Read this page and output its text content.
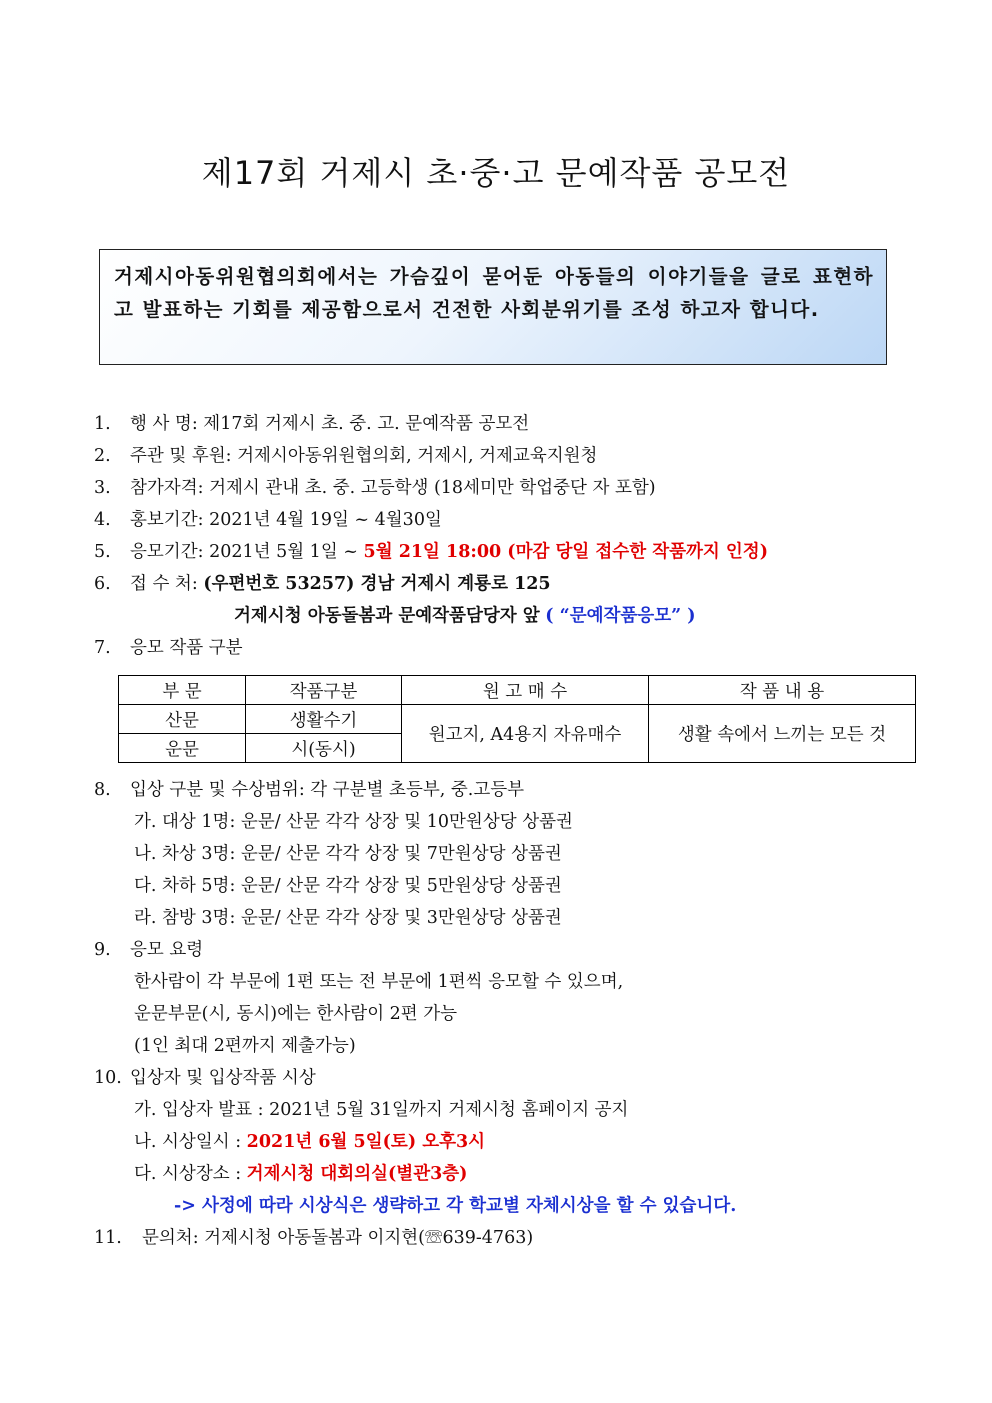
제17회 거제시 초·중·고 문예작품 공모전
거제시아동위원협의회에서는 가슴깊이 묻어둔 아동들의 이야기들을 글로 표현하고 발표하는 기회를 제공함으로서 건전한 사회분위기를 조성 하고자 합니다.
1. 행 사 명: 제17회 거제시 초. 중. 고. 문예작품 공모전
2. 주관 및 후원: 거제시아동위원협의회, 거제시, 거제교육지원청
3. 참가자격: 거제시 관내 초. 중. 고등학생 (18세미만 학업중단 자 포함)
4. 홍보기간: 2021년 4월 19일 ~ 4월30일
5. 응모기간: 2021년 5월 1일 ~ 5월 21일 18:00 (마감 당일 접수한 작품까지 인정)
6. 접 수 처: (우편번호 53257) 경남 거제시 계룡로 125
거제시청 아동돌봄과 문예작품담당자 앞 ( “문예작품응모” )
7. 응모 작품 구분
부 문	작품구분	원 고 매 수	작 품 내 용
산문	생활수기	원고지, A4용지 자유매수	생활 속에서 느끼는 모든 것
운문	시(동시)		
8. 입상 구분 및 수상범위: 각 구분별 초등부, 중.고등부
가. 대상 1명: 운문/ 산문 각각 상장 및 10만원상당 상품권
나. 차상 3명: 운문/ 산문 각각 상장 및 7만원상당 상품권
다. 차하 5명: 운문/ 산문 각각 상장 및 5만원상당 상품권
라. 참방 3명: 운문/ 산문 각각 상장 및 3만원상당 상품권
9. 응모 요령
한사람이 각 부문에 1편 또는 전 부문에 1편씩 응모할 수 있으며,
운문부문(시, 동시)에는 한사람이 2편 가능
(1인 최대 2편까지 제출가능)
10. 입상자 및 입상작품 시상
가. 입상자 발표 : 2021년 5월 31일까지 거제시청 홈페이지 공지
나. 시상일시 : 2021년 6월 5일(토) 오후3시
다. 시상장소 : 거제시청 대회의실(별관3층)
-> 사정에 따라 시상식은 생략하고 각 학교별 자체시상을 할 수 있습니다.
11. 문의처: 거제시청 아동돌봄과 이지현(☏639-4763)
